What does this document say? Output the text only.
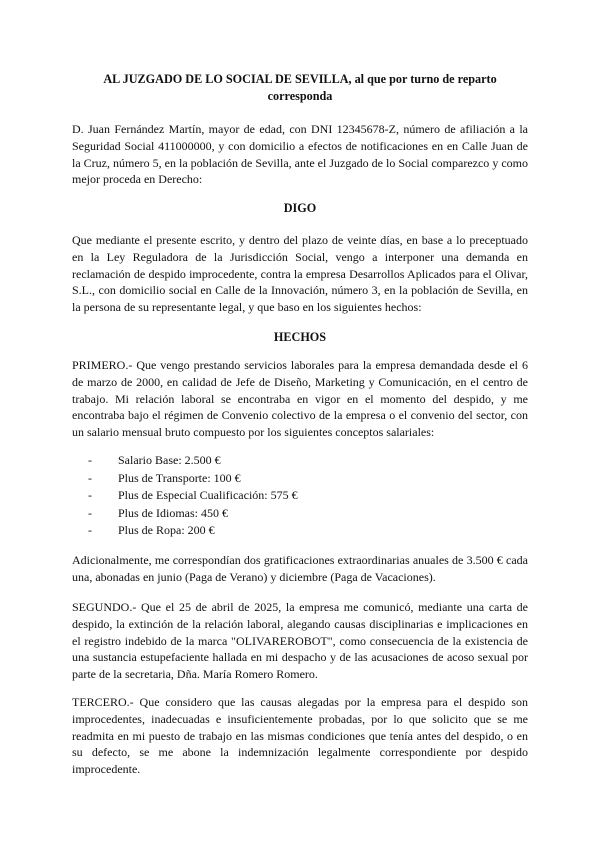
AL JUZGADO DE LO SOCIAL DE SEVILLA, al que por turno de reparto corresponda

D. Juan Fernández Martín, mayor de edad, con DNI 12345678-Z, número de afiliación a la Seguridad Social 411000000, y con domicilio a efectos de notificaciones en en Calle Juan de la Cruz, número 5, en la población de Sevilla, ante el Juzgado de lo Social comparezco y como mejor proceda en Derecho:

DIGO

Que mediante el presente escrito, y dentro del plazo de veinte días, en base a lo preceptuado en la Ley Reguladora de la Jurisdicción Social, vengo a interponer una demanda en reclamación de despido improcedente, contra la empresa Desarrollos Aplicados para el Olivar, S.L., con domicilio social en Calle de la Innovación, número 3, en la población de Sevilla, en la persona de su representante legal, y que baso en los siguientes hechos:

HECHOS

PRIMERO.- Que vengo prestando servicios laborales para la empresa demandada desde el 6 de marzo de 2000, en calidad de Jefe de Diseño, Marketing y Comunicación, en el centro de trabajo. Mi relación laboral se encontraba en vigor en el momento del despido, y me encontraba bajo el régimen de Convenio colectivo de la empresa o el convenio del sector, con un salario mensual bruto compuesto por los siguientes conceptos salariales:

- Salario Base: 2.500 €
- Plus de Transporte: 100 €
- Plus de Especial Cualificación: 575 €
- Plus de Idiomas: 450 €
- Plus de Ropa: 200 €

Adicionalmente, me correspondían dos gratificaciones extraordinarias anuales de 3.500 € cada una, abonadas en junio (Paga de Verano) y diciembre (Paga de Vacaciones).

SEGUNDO.- Que el 25 de abril de 2025, la empresa me comunicó, mediante una carta de despido, la extinción de la relación laboral, alegando causas disciplinarias e implicaciones en el registro indebido de la marca "OLIVAREROBOT", como consecuencia de la existencia de una sustancia estupefaciente hallada en mi despacho y de las acusaciones de acoso sexual por parte de la secretaria, Dña. María Romero Romero.

TERCERO.- Que considero que las causas alegadas por la empresa para el despido son improcedentes, inadecuadas e insuficientemente probadas, por lo que solicito que se me readmita en mi puesto de trabajo en las mismas condiciones que tenía antes del despido, o en su defecto, se me abone la indemnización legalmente correspondiente por despido improcedente.
